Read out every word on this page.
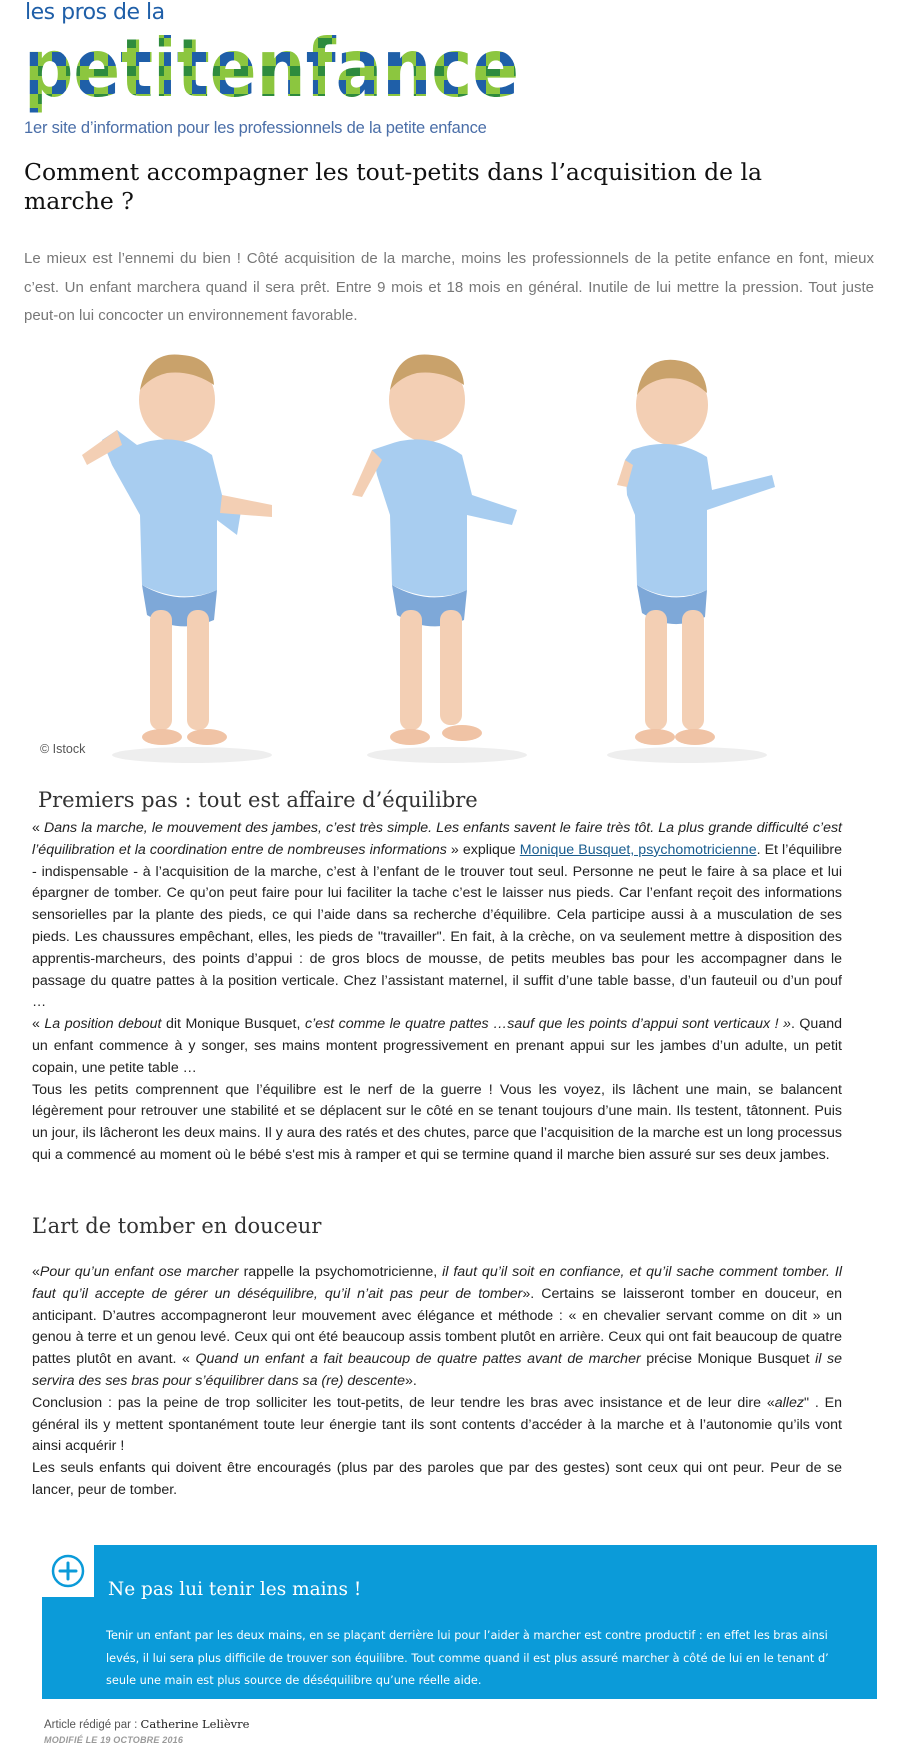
les pros de la
petitenfance
1er site d’information pour les professionnels de la petite enfance
Comment accompagner les tout-petits dans l’acquisition de la marche ?

Le mieux est l’ennemi du bien ! Côté acquisition de la marche, moins les professionnels de la petite enfance en font, mieux c’est. Un enfant marchera quand il sera prêt. Entre 9 mois et 18 mois en général. Inutile de lui mettre la pression. Tout juste peut-on lui concocter un environnement favorable.

© Istock
Premiers pas : tout est affaire d’équilibre

« Dans la marche, le mouvement des jambes, c’est très simple. Les enfants savent le faire très tôt. La plus grande difficulté c’est l’équilibration et la coordination entre de nombreuses informations » explique Monique Busquet, psychomotricienne. Et l’équilibre - indispensable - à l’acquisition de la marche, c’est à l’enfant de le trouver tout seul. Personne ne peut le faire à sa place et lui épargner de tomber. Ce qu’on peut faire pour lui faciliter la tache c’est le laisser nus pieds. Car l’enfant reçoit des informations sensorielles par la plante des pieds, ce qui l’aide dans sa recherche d’équilibre. Cela participe aussi à a musculation de ses pieds. Les chaussures empêchant, elles, les pieds de "travailler". En fait, à la crèche, on va seulement mettre à disposition des apprentis-marcheurs, des points d’appui : de gros blocs de mousse, de petits meubles bas pour les accompagner dans le passage du quatre pattes à la position verticale. Chez l’assistant maternel, il suffit d’une table basse, d’un fauteuil ou d’un pouf …

« La position debout dit Monique Busquet, c’est comme le quatre pattes …sauf que les points d’appui sont verticaux ! ». Quand un enfant commence à y songer, ses mains montent progressivement en prenant appui sur les jambes d’un adulte, un petit copain, une petite table …

Tous les petits comprennent que l’équilibre est le nerf de la guerre ! Vous les voyez, ils lâchent une main, se balancent légèrement pour retrouver une stabilité et se déplacent sur le côté en se tenant toujours d’une main. Ils testent, tâtonnent. Puis un jour, ils lâcheront les deux mains. Il y aura des ratés et des chutes, parce que l’acquisition de la marche est un long processus qui a commencé au moment où le bébé s'est mis à ramper et qui se termine quand il marche bien assuré sur ses deux jambes.

L’art de tomber en douceur

«Pour qu’un enfant ose marcher rappelle la psychomotricienne, il faut qu’il soit en confiance, et qu’il sache comment tomber. Il faut qu’il accepte de gérer un déséquilibre, qu’il n’ait pas peur de tomber». Certains se laisseront tomber en douceur, en anticipant. D’autres accompagneront leur mouvement avec élégance et méthode : « en chevalier servant comme on dit » un genou à terre et un genou levé. Ceux qui ont été beaucoup assis tombent plutôt en arrière. Ceux qui ont fait beaucoup de quatre pattes plutôt en avant. « Quand un enfant a fait beaucoup de quatre pattes avant de marcher précise Monique Busquet il se servira des ses bras pour s’équilibrer dans sa (re) descente».

Conclusion : pas la peine de trop solliciter les tout-petits, de leur tendre les bras avec insistance et de leur dire «allez" . En général ils y mettent spontanément toute leur énergie tant ils sont contents d’accéder à la marche et à l’autonomie qu’ils vont ainsi acquérir !

Les seuls enfants qui doivent être encouragés (plus par des paroles que par des gestes) sont ceux qui ont peur. Peur de se lancer, peur de tomber.

Ne pas lui tenir les mains !

Tenir un enfant par les deux mains, en se plaçant derrière lui pour l’aider à marcher est contre productif : en effet les bras ainsi levés, il lui sera plus difficile de trouver son équilibre. Tout comme quand il est plus assuré marcher à côté de lui en le tenant d’ seule une main est plus source de déséquilibre qu’une réelle aide.

Article rédigé par : Catherine Lelièvre
MODIFIÉ LE 19 OCTOBRE 2016
